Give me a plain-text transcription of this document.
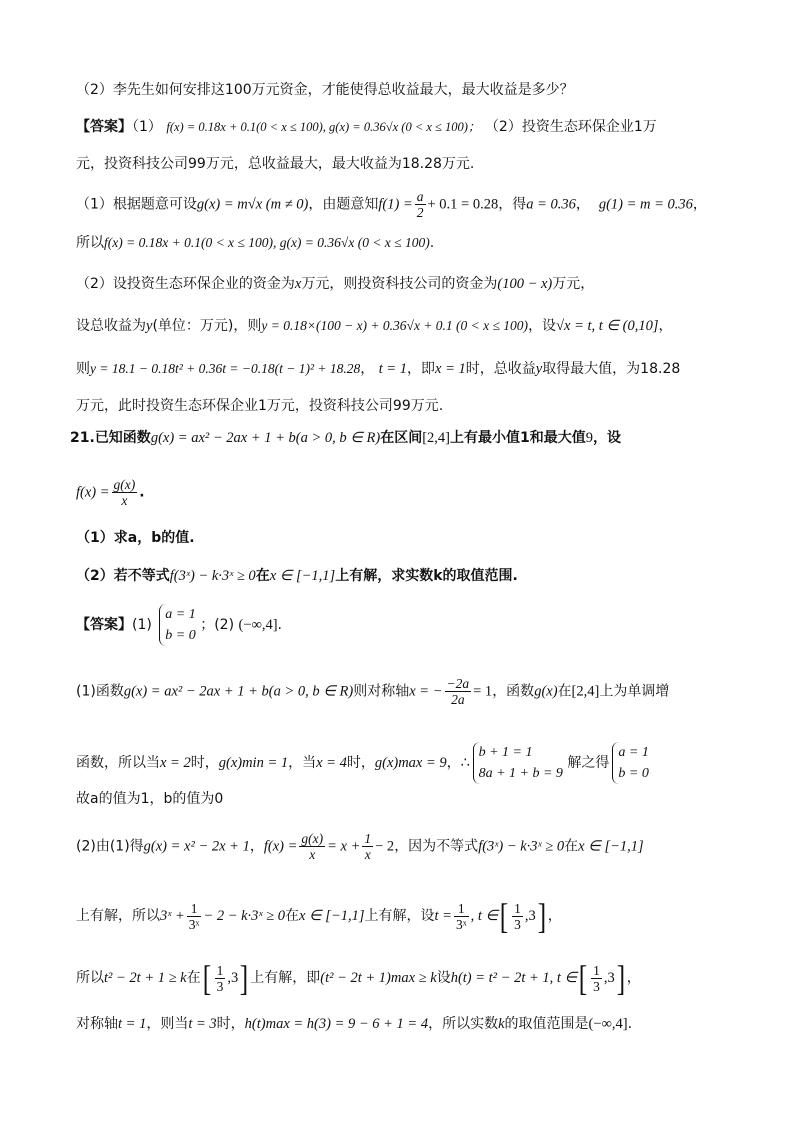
（2）李先生如何安排这100万元资金，才能使得总收益最大，最大收益是多少？
【答案】（1） f(x) = 0.18x + 0.1(0 < x ≤ 100), g(x) = 0.36√x (0 < x ≤ 100)； （2）投资生态环保企业1万
元，投资科技公司99万元，总收益最大，最大收益为18.28万元.
（1）根据题意可设g(x) = m√x (m ≠ 0)，由题意知$f(1) = \frac{a}{2} + 0.1 = 0.28$，得a = 0.36， g(1) = m = 0.36，
所以f(x) = 0.18x + 0.1(0 < x ≤ 100), g(x) = 0.36√x (0 < x ≤ 100).
（2）设投资生态环保企业的资金为x万元，则投资科技公司的资金为(100 − x)万元，
设总收益为y(单位：万元)，则y = 0.18×(100 − x) + 0.36√x + 0.1 (0 < x ≤ 100)，设√x = t, t ∈ (0,10]，
则y = 18.1 − 0.18t² + 0.36t = −0.18(t − 1)² + 18.28， t = 1，即x = 1时，总收益y取得最大值，为18.28
万元，此时投资生态环保企业1万元，投资科技公司99万元.
21.已知函数g(x) = ax² − 2ax + 1 + b(a > 0, b ∈ R)在区间[2,4]上有最小值1和最大值9，设
$f(x) = \frac{g(x)}{x}$ .
（1）求a，b的值.
（2）若不等式f(3ˣ) − k·3ˣ ≥ 0在x ∈ [−1,1]上有解，求实数k的取值范围.
【答案】(1)
a = 1
b = 0
；(2) (−∞,4].
(1)函数g(x) = ax² − 2ax + 1 + b(a > 0, b ∈ R)则对称轴x = − $\frac{-2a}{2a} = 1$，函数g(x)在[2,4]上为单调增
函数，所以当x = 2时，g(x)min = 1，当x = 4时，g(x)max = 9，∴
b + 1 = 1
8a + 1 + b = 9
解之得
a = 1
b = 0
故a的值为1，b的值为0
(2)由(1)得g(x) = x² − 2x + 1，$f(x) = \frac{g(x)}{x} = x + \frac{1}{x} - 2$，因为不等式f(3ˣ) − k·3ˣ ≥ 0在x ∈ [−1,1]
上有解，所以3ˣ + $\frac{1}{\text{3ˣ}} - 2$ − k·3ˣ ≥ 0在x ∈ [−1,1]上有解，设$t = \frac{1}{\text{3ˣ}}$ , t ∈[ $\frac{1}{3} ,3$] ，
所以t² − 2t + 1 ≥ k在[ $\frac{1}{3} ,3$] 上有解，即(t² − 2t + 1)max ≥ k设h(t) = t² − 2t + 1, t ∈[ $\frac{1}{3} ,3$] ，
对称轴t = 1，则当t = 3时，h(t)max = h(3) = 9 − 6 + 1 = 4，所以实数k的取值范围是(−∞,4].
